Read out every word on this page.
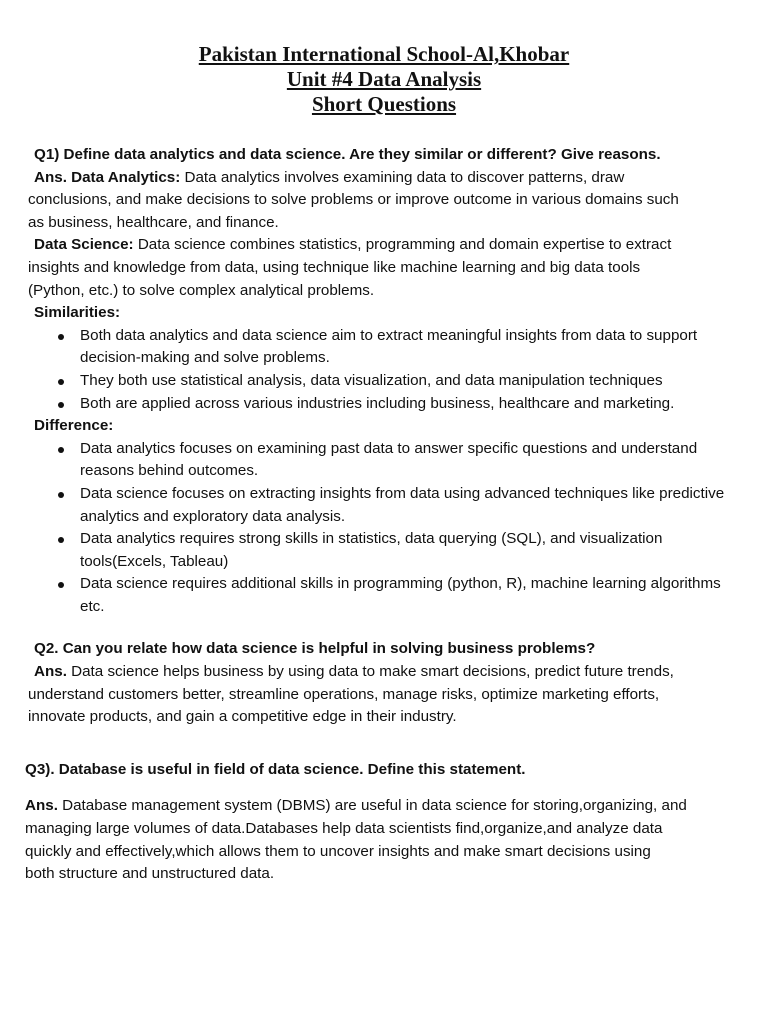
Pakistan International School-Al,Khobar
Unit #4 Data Analysis
Short Questions
Q1) Define data analytics and data science. Are they similar or different? Give reasons.
Ans. Data Analytics: Data analytics involves examining data to discover patterns, draw
conclusions, and make decisions to solve problems or improve outcome in various domains such
as business, healthcare, and finance.
Data Science: Data science combines statistics, programming and domain expertise to extract
insights and knowledge from data, using technique like machine learning and big data tools
(Python, etc.) to solve complex analytical problems.
Similarities:
Both data analytics and data science aim to extract meaningful insights from data to support decision-making and solve problems.
They both use statistical analysis, data visualization, and data manipulation techniques
Both are applied across various industries including business, healthcare and marketing.
Difference:
Data analytics focuses on examining past data to answer specific questions and understand reasons behind outcomes.
Data science focuses on extracting insights from data using advanced techniques like predictive analytics and exploratory data analysis.
Data analytics requires strong skills in statistics, data querying (SQL), and visualization tools(Excels, Tableau)
Data science requires additional skills in programming (python, R), machine learning algorithms etc.
Q2. Can you relate how data science is helpful in solving business problems?
Ans. Data science helps business by using data to make smart decisions, predict future trends,
understand customers better, streamline operations, manage risks, optimize marketing efforts,
innovate products, and gain a competitive edge in their industry.
Q3). Database is useful in field of data science. Define this statement.
Ans. Database management system (DBMS) are useful in data science for storing,organizing, and
managing large volumes of data.Databases help data scientists find,organize,and analyze data
quickly and effectively,which allows them to uncover insights and make smart decisions using
both structure and unstructured data.
